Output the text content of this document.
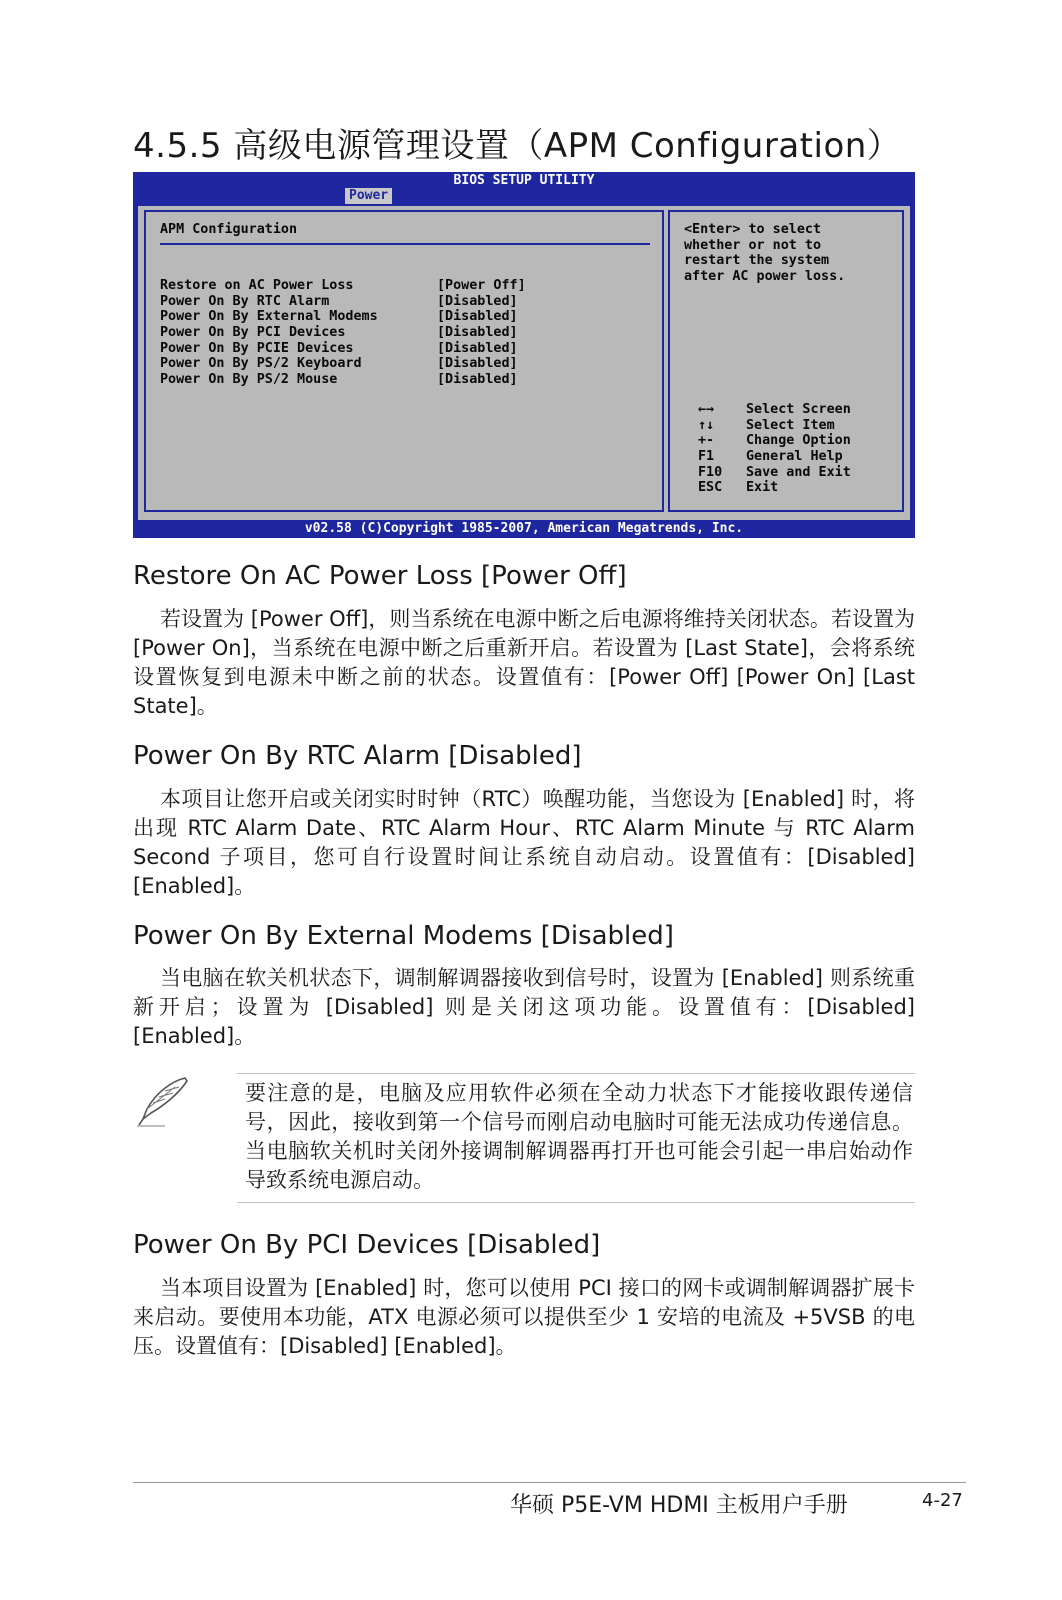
4.5.5 高级电源管理设置（APM Configuration）
BIOS SETUP UTILITY
Power
APM Configuration
Restore on AC Power Loss	[Power Off]
Power On By RTC Alarm	[Disabled]
Power On By External Modems	[Disabled]
Power On By PCI Devices	[Disabled]
Power On By PCIE Devices	[Disabled]
Power On By PS/2 Keyboard	[Disabled]
Power On By PS/2 Mouse	[Disabled]
<Enter> to select
whether or not to
restart the system
after AC power loss.
←→	Select Screen
↑↓	Select Item
+-	Change Option
F1	General Help
F10	Save and Exit
ESC	Exit
v02.58 (C)Copyright 1985-2007, American Megatrends, Inc.
Restore On AC Power Loss [Power Off]

若设置为 [Power Off]，则当系统在电源中断之后电源将维持关闭状态。若设置为 [Power On]，当系统在电源中断之后重新开启。若设置为 [Last State]，会将系统设置恢复到电源未中断之前的状态。设置值有：[Power Off] [Power On] [Last State]。

Power On By RTC Alarm [Disabled]

本项目让您开启或关闭实时时钟（RTC）唤醒功能，当您设为 [Enabled] 时，将出现 RTC Alarm Date、RTC Alarm Hour、RTC Alarm Minute 与 RTC Alarm Second 子项目，您可自行设置时间让系统自动启动。设置值有：[Disabled] [Enabled]。

Power On By External Modems [Disabled]

当电脑在软关机状态下，调制解调器接收到信号时，设置为 [Enabled] 则系统重新开启；设置为 [Disabled] 则是关闭这项功能。设置值有：[Disabled] [Enabled]。

要注意的是，电脑及应用软件必须在全动力状态下才能接收跟传递信号，因此，接收到第一个信号而刚启动电脑时可能无法成功传递信息。当电脑软关机时关闭外接调制解调器再打开也可能会引起一串启始动作导致系统电源启动。

Power On By PCI Devices [Disabled]

当本项目设置为 [Enabled] 时，您可以使用 PCI 接口的网卡或调制解调器扩展卡来启动。要使用本功能，ATX 电源必须可以提供至少 1 安培的电流及 +5VSB 的电压。设置值有：[Disabled] [Enabled]。

华硕 P5E-VM HDMI 主板用户手册	4-27
